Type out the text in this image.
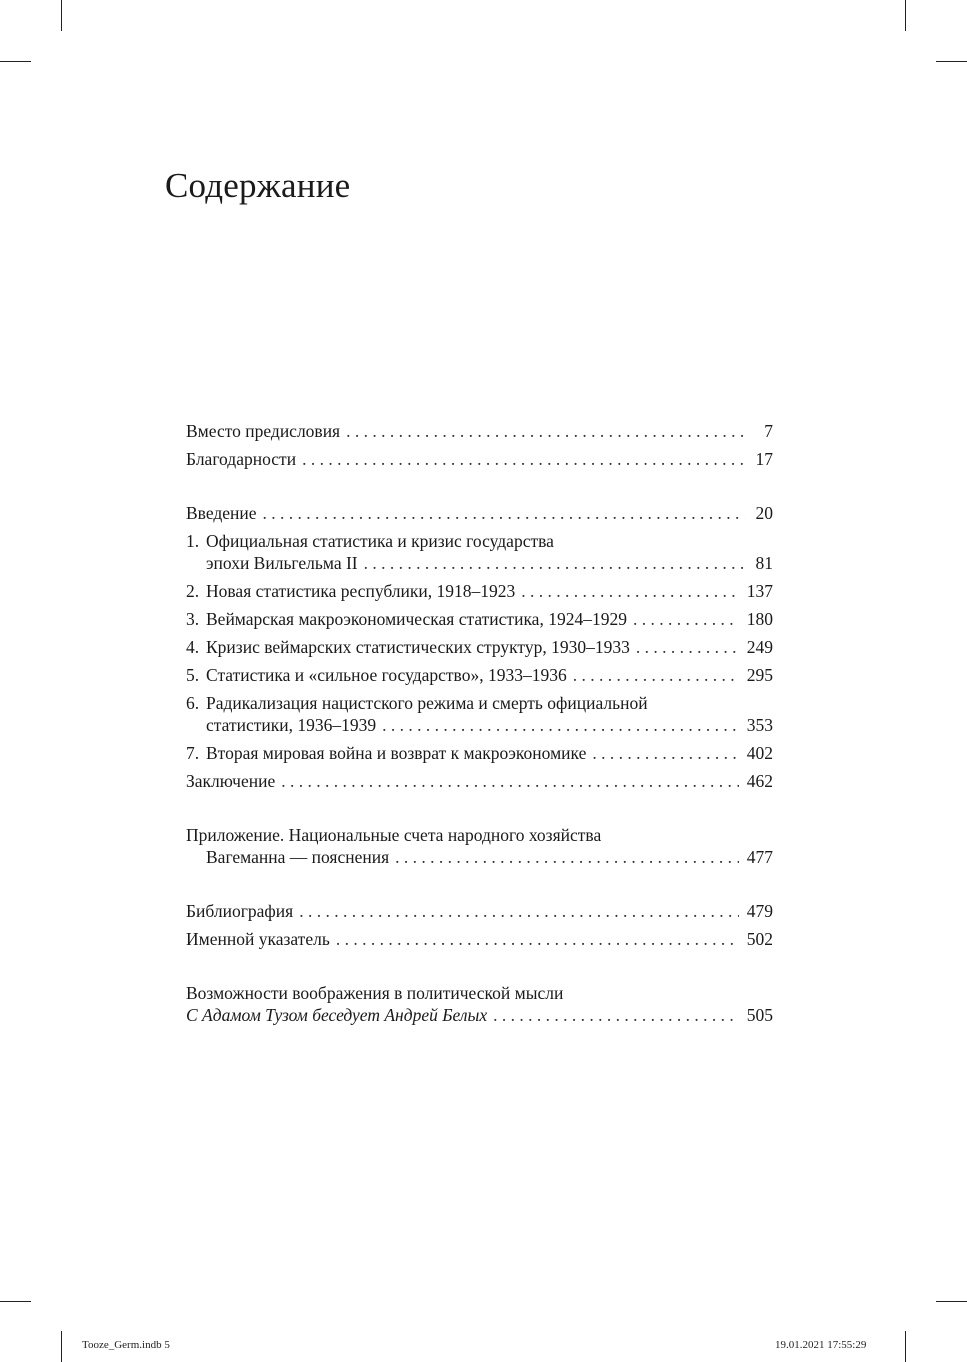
Содержание
Вместо предисловия . . .	7
Благодарности . . .	17
Введение . . .	20
1. Официальная статистика и кризис государства
эпохи Вильгельма II . . .	81
2. Новая статистика республики, 1918–1923 . . .	137
3. Веймарская макроэкономическая статистика, 1924–1929 . . .	180
4. Кризис веймарских статистических структур, 1930–1933 . . .	249
5. Статистика и «сильное государство», 1933–1936 . . .	295
6. Радикализация нацистского режима и смерть официальной
статистики, 1936–1939 . . .	353
7. Вторая мировая война и возврат к макроэкономике . . .	402
Заключение . . .	462
Приложение. Национальные счета народного хозяйства
Вагеманна — пояснения . . .	477
Библиография . . .	479
Именной указатель . . .	502
Возможности воображения в политической мысли
С Адамом Тузом беседует Андрей Белых . . .	505
Tooze_Germ.indb 5	19.01.2021 17:55:29
